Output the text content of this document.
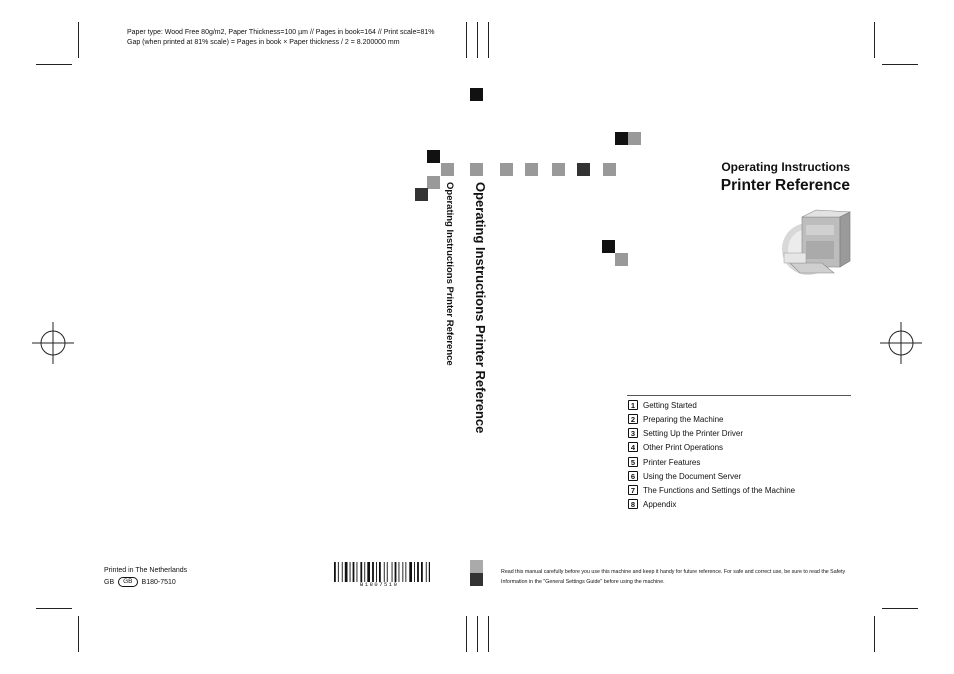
Paper type: Wood Free 80g/m2, Paper Thickness=100 µm // Pages in book=164 // Print scale=81%
Gap (when printed at 81% scale) = Pages in book × Paper thickness / 2 = 8.200000 mm
Operating Instructions Printer Reference
Operating Instructions Printer Reference
Operating Instructions
Printer Reference
1 Getting Started
2 Preparing the Machine
3 Setting Up the Printer Driver
4 Other Print Operations
5 Printer Features
6 Using the Document Server
7 The Functions and Settings of the Machine
8 Appendix
Printed in The Netherlands
GB	GB	B180-7510	B1807510
Read this manual carefully before you use this machine and keep it handy for future reference. For safe and correct use, be sure to read the Safety
Information in the "General Settings Guide" before using the machine.
